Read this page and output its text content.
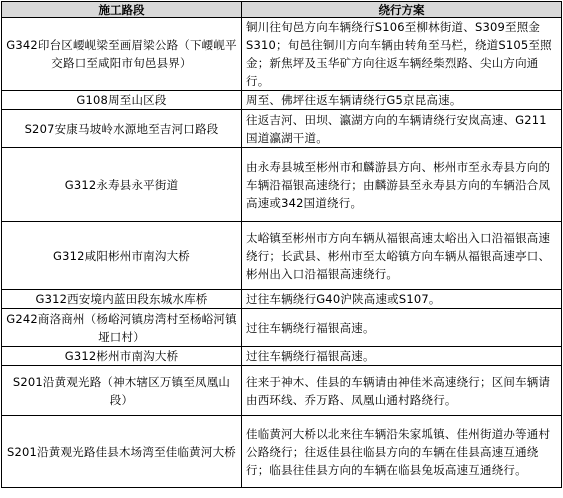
施工路段	绕行方案
G342印台区崾岘梁至画眉梁公路（下崾岘平交路口至咸阳市旬邑县界）	铜川往旬邑方向车辆绕行S106至柳林街道、S309至照金S310；旬邑往铜川方向车辆由转角至马栏，绕道S105至照金；新焦坪及玉华矿方向往返车辆经柴烈路、尖山方向通行。
G108周至山区段	周至、佛坪往返车辆请绕行G5京昆高速。
S207安康马坡岭水源地至吉河口路段	往返吉河、田坝、瀛湖方向的车辆请绕行安岚高速、G211国道瀛湖干道。
G312永寿县永平街道	由永寿县城至彬州市和麟游县方向、彬州市至永寿县方向的车辆沿福银高速绕行；由麟游县至永寿县方向的车辆沿合凤高速或342国道绕行。
G312咸阳彬州市南沟大桥	太峪镇至彬州市方向车辆从福银高速太峪出入口沿福银高速绕行；长武县、彬州市至太峪镇方向车辆从福银高速亭口、彬州出入口沿福银高速绕行。
G312西安境内蓝田段东城水库桥	过往车辆绕行G40沪陕高速或S107。
G242商洛商州（杨峪河镇房湾村至杨峪河镇垭口村）	过往车辆绕行福银高速。
G312彬州市南沟大桥	过往车辆绕行福银高速。
S201沿黄观光路（神木辖区万镇至凤凰山段）	往来于神木、佳县的车辆请由神佳米高速绕行；区间车辆请由西环线、乔万路、凤凰山通村路绕行。
S201沿黄观光路佳县木场湾至佳临黄河大桥	佳临黄河大桥以北来往车辆沿朱家坬镇、佳州街道办等通村公路绕行；往返佳县往临县方向的车辆在佳县高速互通绕行；临县往佳县方向的车辆在临县兔坂高速互通绕行。
